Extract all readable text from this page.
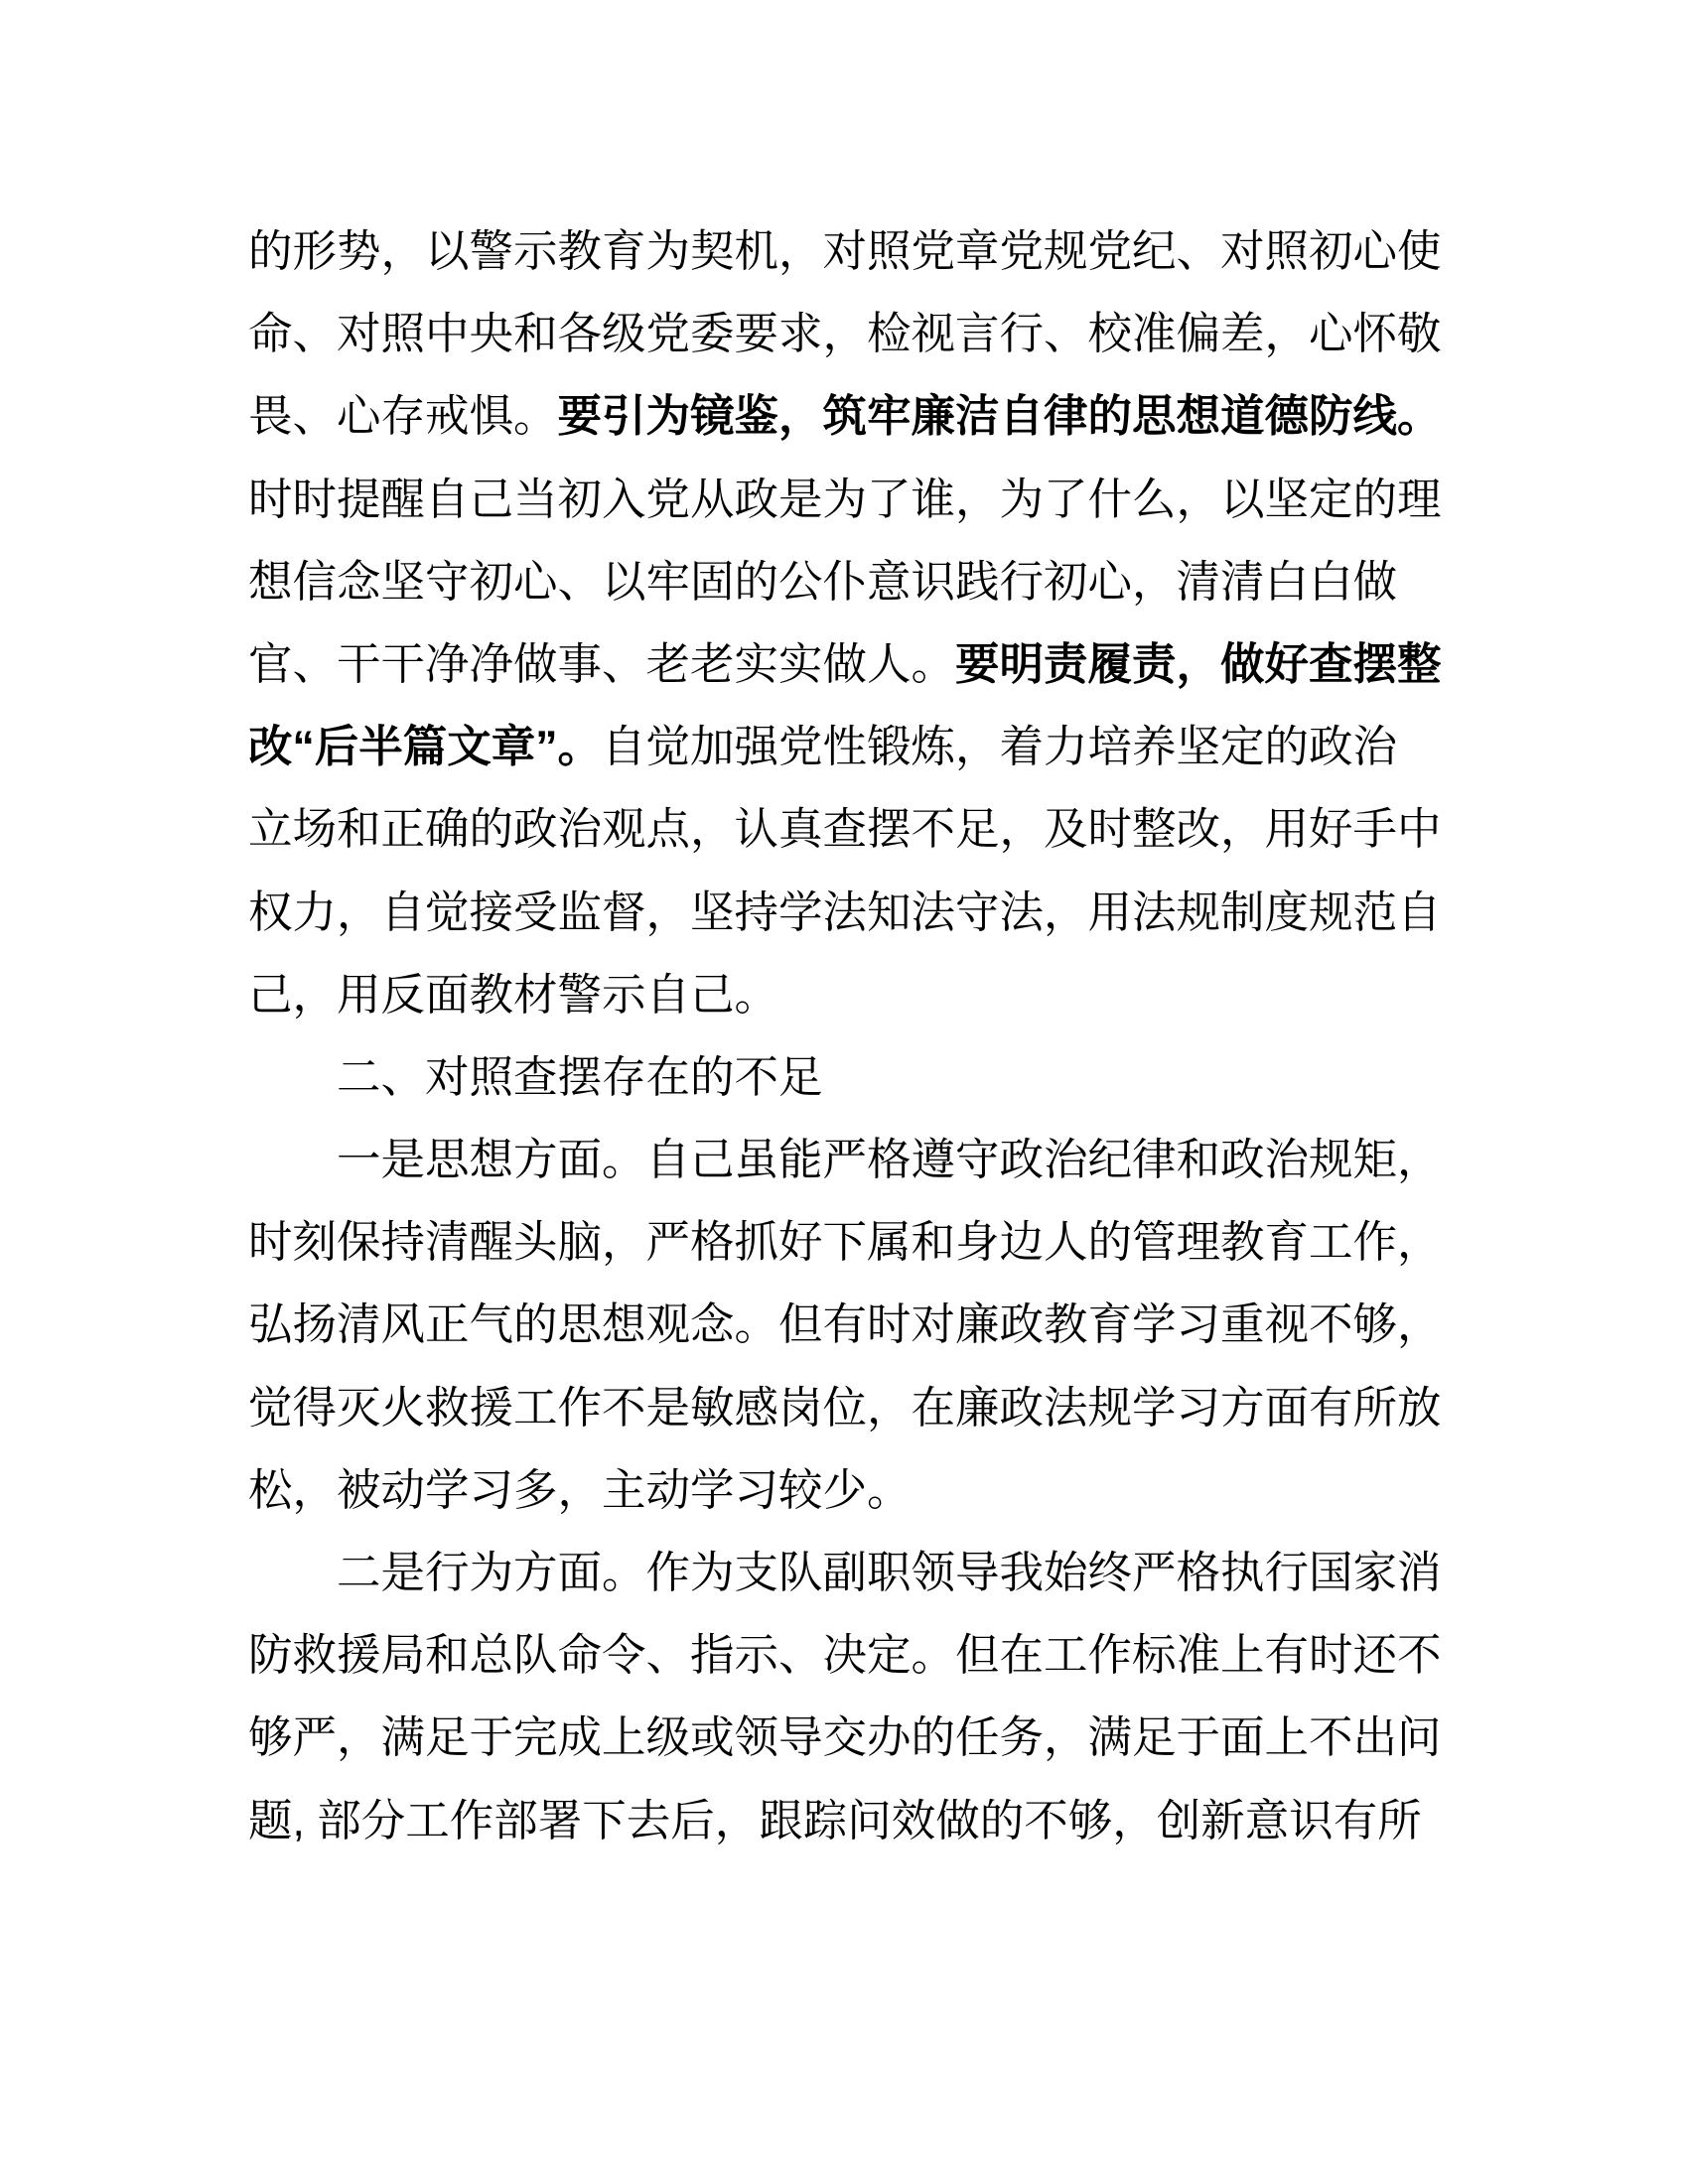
的形势，以警示教育为契机，对照党章党规党纪、对照初心使
命、对照中央和各级党委要求，检视言行、校准偏差，心怀敬
畏、心存戒惧。要引为镜鉴，筑牢廉洁自律的思想道德防线。
时时提醒自己当初入党从政是为了谁，为了什么，以坚定的理
想信念坚守初心、以牢固的公仆意识践行初心，清清白白做
官、干干净净做事、老老实实做人。要明责履责，做好查摆整
改“后半篇文章”。自觉加强党性锻炼，着力培养坚定的政治
立场和正确的政治观点，认真查摆不足，及时整改，用好手中
权力，自觉接受监督，坚持学法知法守法，用法规制度规范自
己，用反面教材警示自己。
二、对照查摆存在的不足
一是思想方面。自己虽能严格遵守政治纪律和政治规矩，
时刻保持清醒头脑，严格抓好下属和身边人的管理教育工作，
弘扬清风正气的思想观念。但有时对廉政教育学习重视不够，
觉得灭火救援工作不是敏感岗位，在廉政法规学习方面有所放
松，被动学习多，主动学习较少。
二是行为方面。作为支队副职领导我始终严格执行国家消
防救援局和总队命令、指示、决定。但在工作标准上有时还不
够严，满足于完成上级或领导交办的任务，满足于面上不出问
题, 部分工作部署下去后，跟踪问效做的不够，创新意识有所
